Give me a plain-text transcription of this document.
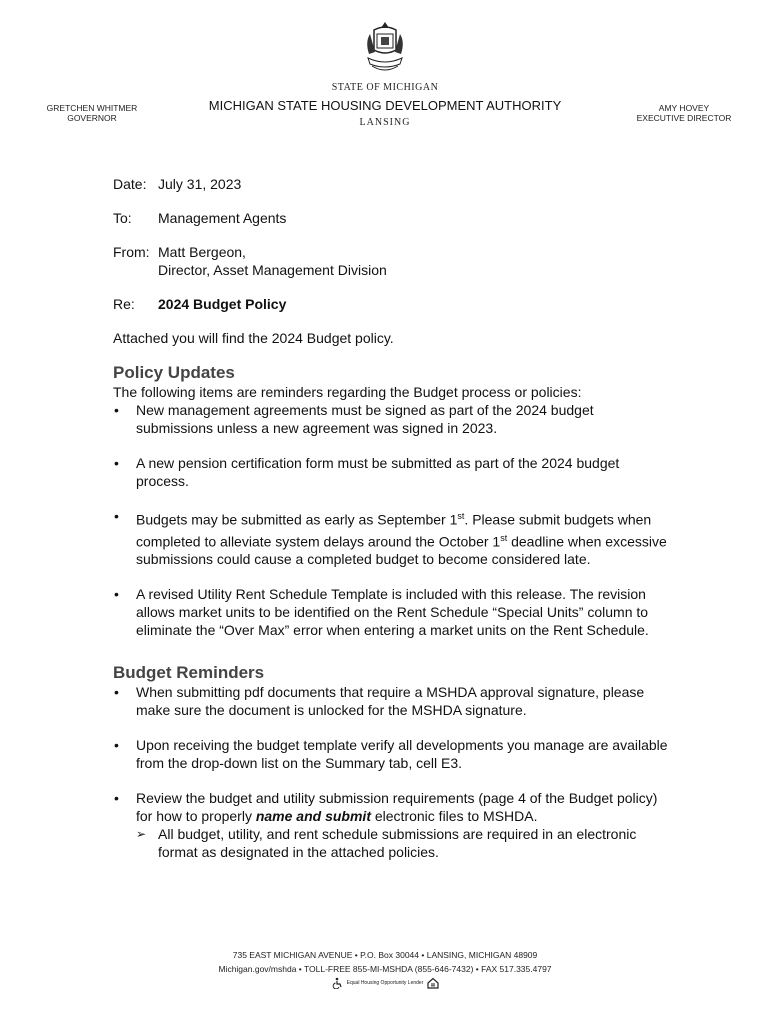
STATE OF MICHIGAN
MICHIGAN STATE HOUSING DEVELOPMENT AUTHORITY
LANSING
GRETCHEN WHITMER
GOVERNOR
AMY HOVEY
EXECUTIVE DIRECTOR
Date: July 31, 2023
To:	Management Agents
From: Matt Bergeon,
Director, Asset Management Division
Re:	2024 Budget Policy
Attached you will find the 2024 Budget policy.
Policy Updates
The following items are reminders regarding the Budget process or policies:
• New management agreements must be signed as part of the 2024 budget submissions unless a new agreement was signed in 2023.
• A new pension certification form must be submitted as part of the 2024 budget process.
• Budgets may be submitted as early as September 1st. Please submit budgets when completed to alleviate system delays around the October 1st deadline when excessive submissions could cause a completed budget to become considered late.
• A revised Utility Rent Schedule Template is included with this release. The revision allows market units to be identified on the Rent Schedule “Special Units” column to eliminate the “Over Max” error when entering a market units on the Rent Schedule.
Budget Reminders
• When submitting pdf documents that require a MSHDA approval signature, please make sure the document is unlocked for the MSHDA signature.
• Upon receiving the budget template verify all developments you manage are available from the drop-down list on the Summary tab, cell E3.
• Review the budget and utility submission requirements (page 4 of the Budget policy) for how to properly name and submit electronic files to MSHDA.
➢ All budget, utility, and rent schedule submissions are required in an electronic format as designated in the attached policies.
735 EAST MICHIGAN AVENUE • P.O. Box 30044 • LANSING, MICHIGAN 48909
Michigan.gov/mshda • TOLL-FREE 855-MI-MSHDA (855-646-7432) • FAX 517.335.4797
Equal Housing Opportunity Lender
